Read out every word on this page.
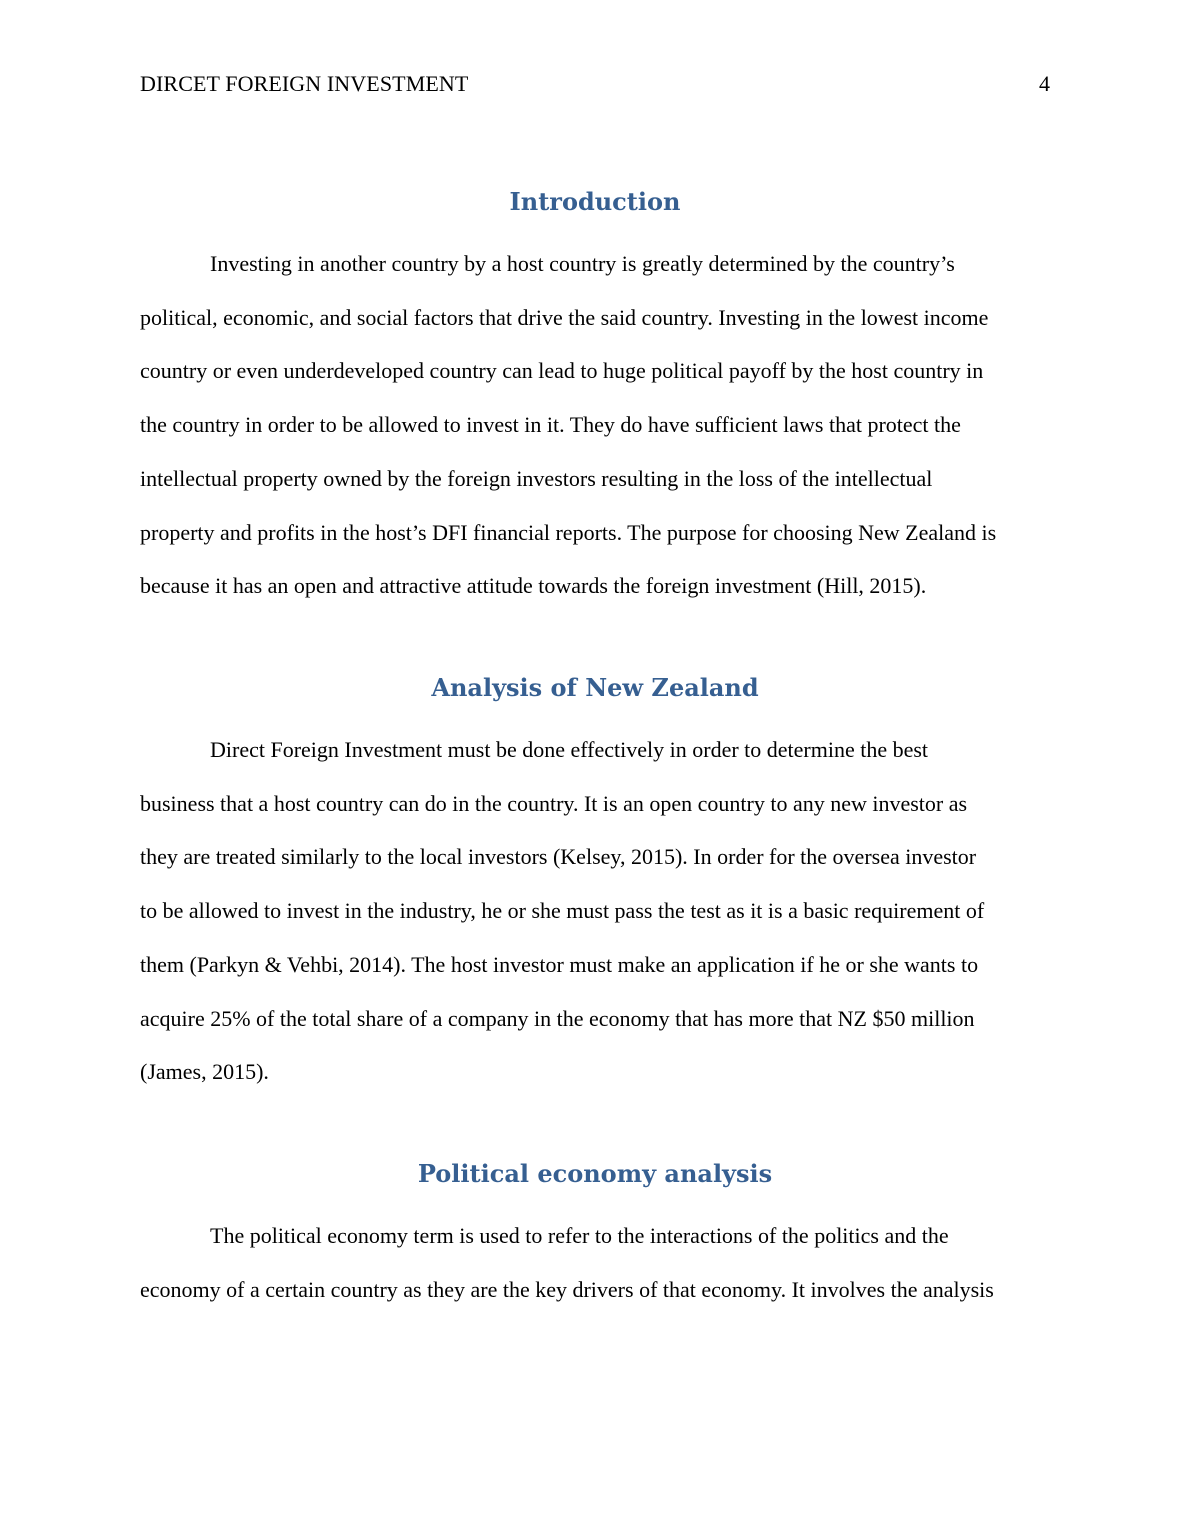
DIRCET FOREIGN INVESTMENT	4
Introduction

Investing in another country by a host country is greatly determined by the country’s
political, economic, and social factors that drive the said country. Investing in the lowest income
country or even underdeveloped country can lead to huge political payoff by the host country in
the country in order to be allowed to invest in it. They do have sufficient laws that protect the
intellectual property owned by the foreign investors resulting in the loss of the intellectual
property and profits in the host’s DFI financial reports. The purpose for choosing New Zealand is
because it has an open and attractive attitude towards the foreign investment (Hill, 2015).

Analysis of New Zealand

Direct Foreign Investment must be done effectively in order to determine the best
business that a host country can do in the country. It is an open country to any new investor as
they are treated similarly to the local investors (Kelsey, 2015). In order for the oversea investor
to be allowed to invest in the industry, he or she must pass the test as it is a basic requirement of
them (Parkyn & Vehbi, 2014). The host investor must make an application if he or she wants to
acquire 25% of the total share of a company in the economy that has more that NZ $50 million
(James, 2015).

Political economy analysis

The political economy term is used to refer to the interactions of the politics and the
economy of a certain country as they are the key drivers of that economy. It involves the analysis
